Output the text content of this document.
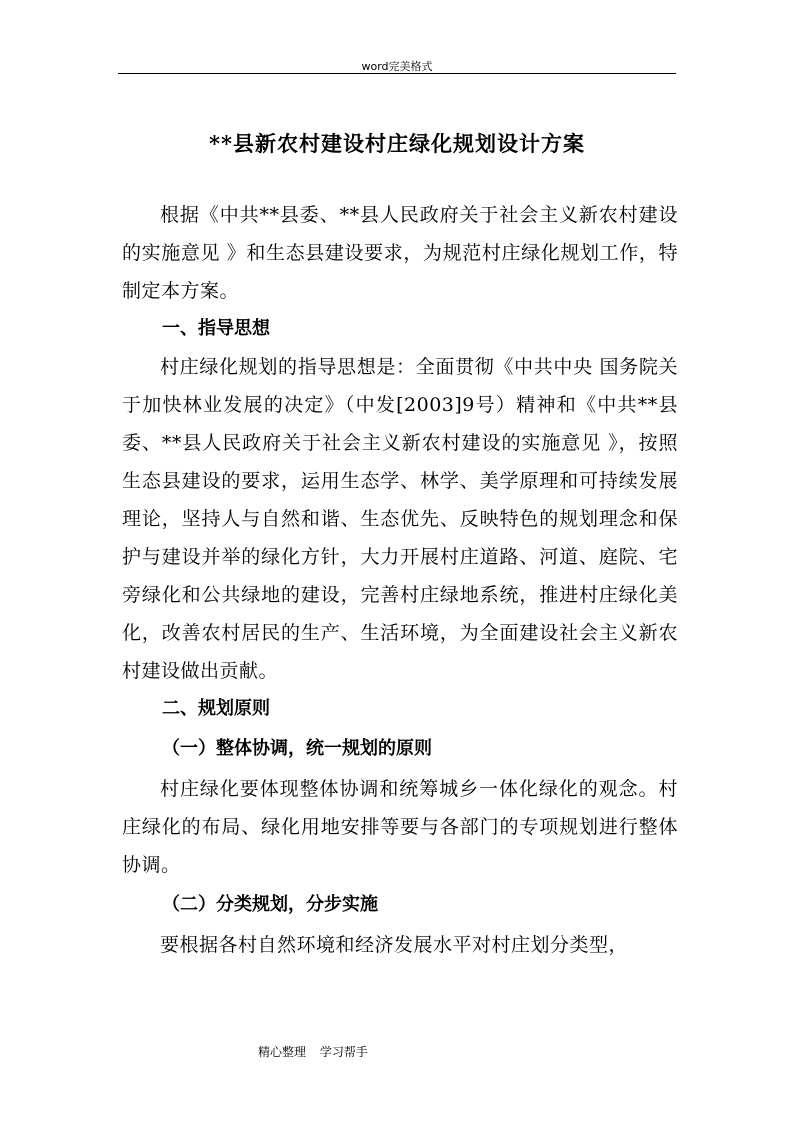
word完美格式
**县新农村建设村庄绿化规划设计方案

根据《中共**县委、**县人民政府关于社会主义新农村建设的实施意见 》和生态县建设要求，为规范村庄绿化规划工作，特制定本方案。

一、指导思想

村庄绿化规划的指导思想是：全面贯彻《中共中央 国务院关于加快林业发展的决定》（中发[2003]9号）精神和《中共**县委、**县人民政府关于社会主义新农村建设的实施意见 》，按照生态县建设的要求，运用生态学、林学、美学原理和可持续发展理论，坚持人与自然和谐、生态优先、反映特色的规划理念和保护与建设并举的绿化方针，大力开展村庄道路、河道、庭院、宅旁绿化和公共绿地的建设，完善村庄绿地系统，推进村庄绿化美化，改善农村居民的生产、生活环境，为全面建设社会主义新农村建设做出贡献。

二、规划原则

（一）整体协调，统一规划的原则

村庄绿化要体现整体协调和统筹城乡一体化绿化的观念。村庄绿化的布局、绿化用地安排等要与各部门的专项规划进行整体协调。

（二）分类规划，分步实施

要根据各村自然环境和经济发展水平对村庄划分类型，

精心整理 学习帮手
